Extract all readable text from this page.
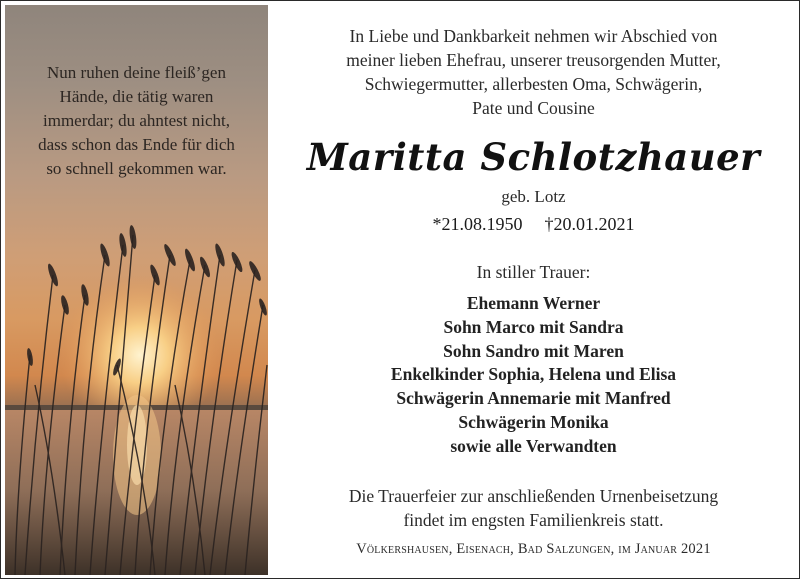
Nun ruhen deine fleiß’gen
Hände, die tätig waren
immerdar; du ahntest nicht,
dass schon das Ende für dich
so schnell gekommen war.
In Liebe und Dankbarkeit nehmen wir Abschied von
meiner lieben Ehefrau, unserer treusorgenden Mutter,
Schwiegermutter, allerbesten Oma, Schwägerin,
Pate und Cousine
Maritta Schlotzhauer
geb. Lotz
*21.08.1950 †20.01.2021
In stiller Trauer:
Ehemann Werner
Sohn Marco mit Sandra
Sohn Sandro mit Maren
Enkelkinder Sophia, Helena und Elisa
Schwägerin Annemarie mit Manfred
Schwägerin Monika
sowie alle Verwandten
Die Trauerfeier zur anschließenden Urnenbeisetzung
findet im engsten Familienkreis statt.
Völkershausen, Eisenach, Bad Salzungen, im Januar 2021
